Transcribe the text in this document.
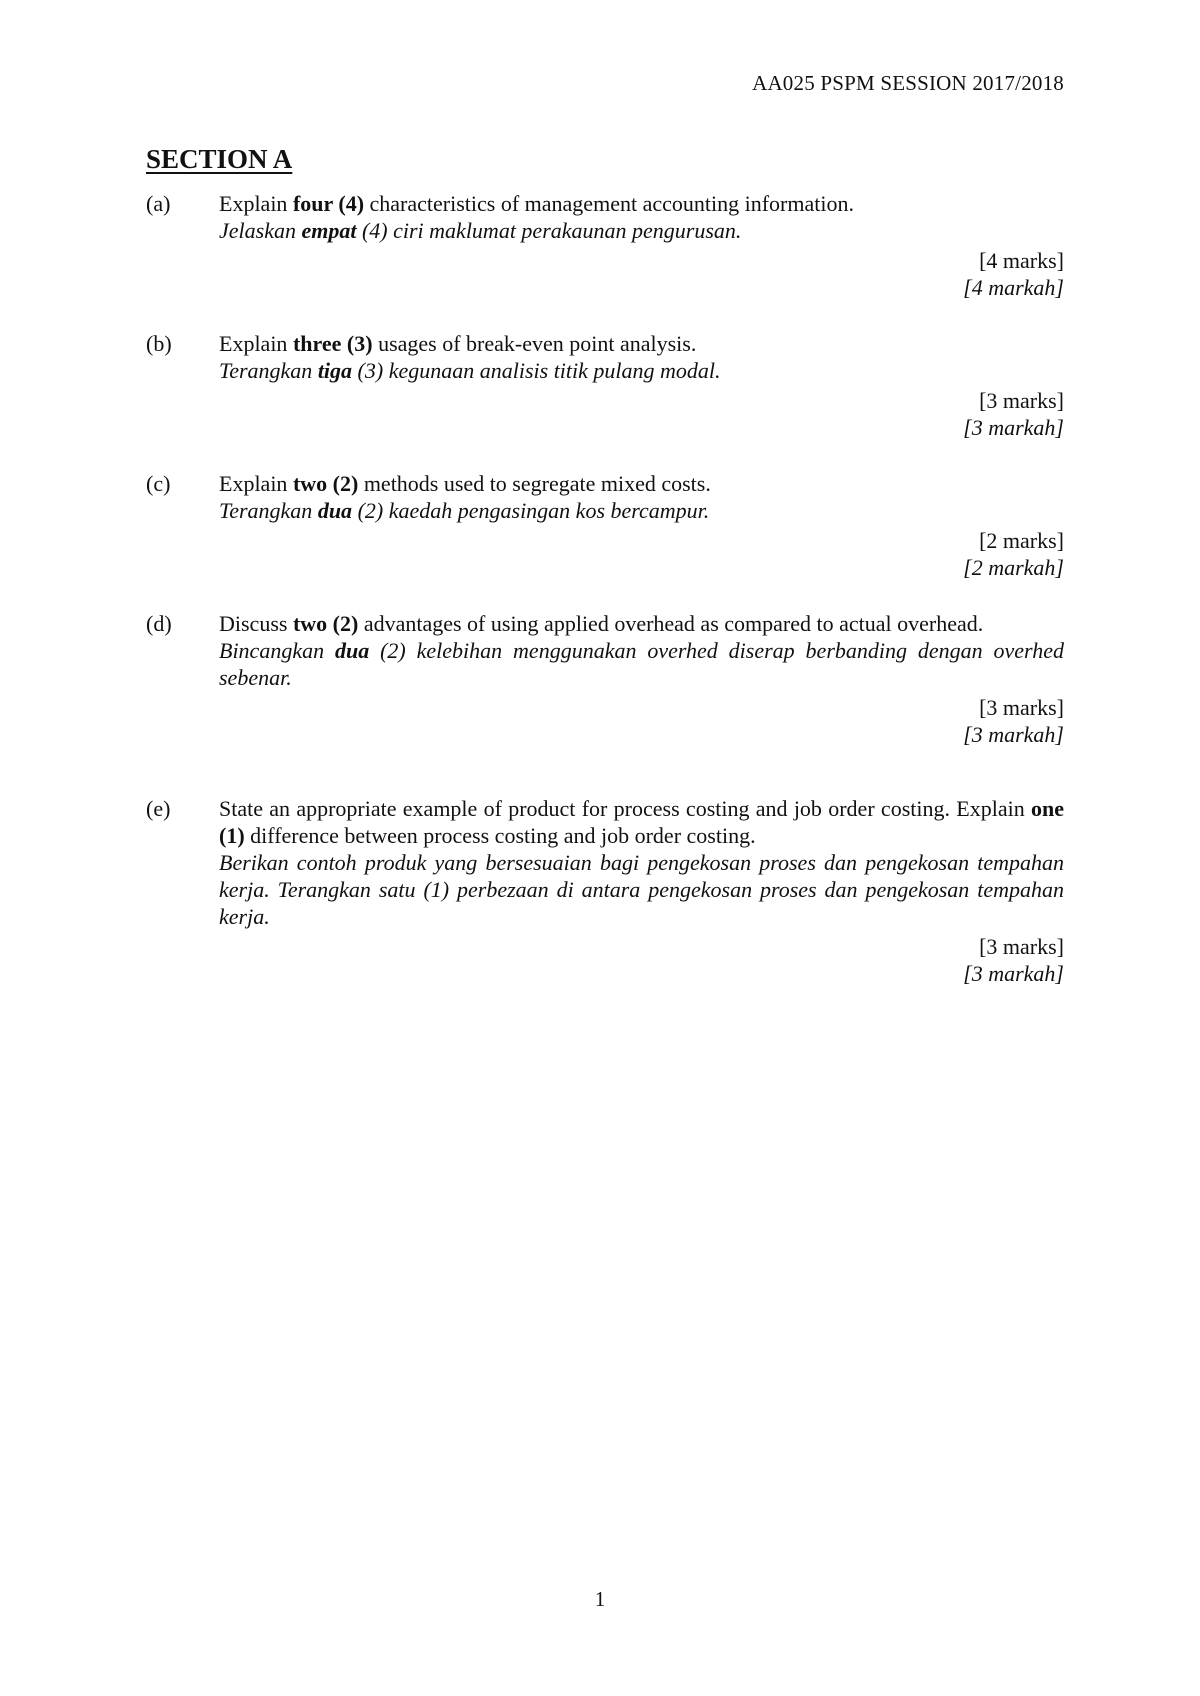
AA025 PSPM SESSION 2017/2018
SECTION A
(a)	Explain four (4) characteristics of management accounting information.
Jelaskan empat (4) ciri maklumat perakaunan pengurusan.
[4 marks]
[4 markah]
(b)	Explain three (3) usages of break-even point analysis.
Terangkan tiga (3) kegunaan analisis titik pulang modal.
[3 marks]
[3 markah]
(c)	Explain two (2) methods used to segregate mixed costs.
Terangkan dua (2) kaedah pengasingan kos bercampur.
[2 marks]
[2 markah]
(d)	Discuss two (2) advantages of using applied overhead as compared to actual overhead.
Bincangkan dua (2) kelebihan menggunakan overhed diserap berbanding dengan overhed sebenar.
[3 marks]
[3 markah]
(e)	State an appropriate example of product for process costing and job order costing. Explain one (1) difference between process costing and job order costing.
Berikan contoh produk yang bersesuaian bagi pengekosan proses dan pengekosan tempahan kerja. Terangkan satu (1) perbezaan di antara pengekosan proses dan pengekosan tempahan kerja.
[3 marks]
[3 markah]
1
